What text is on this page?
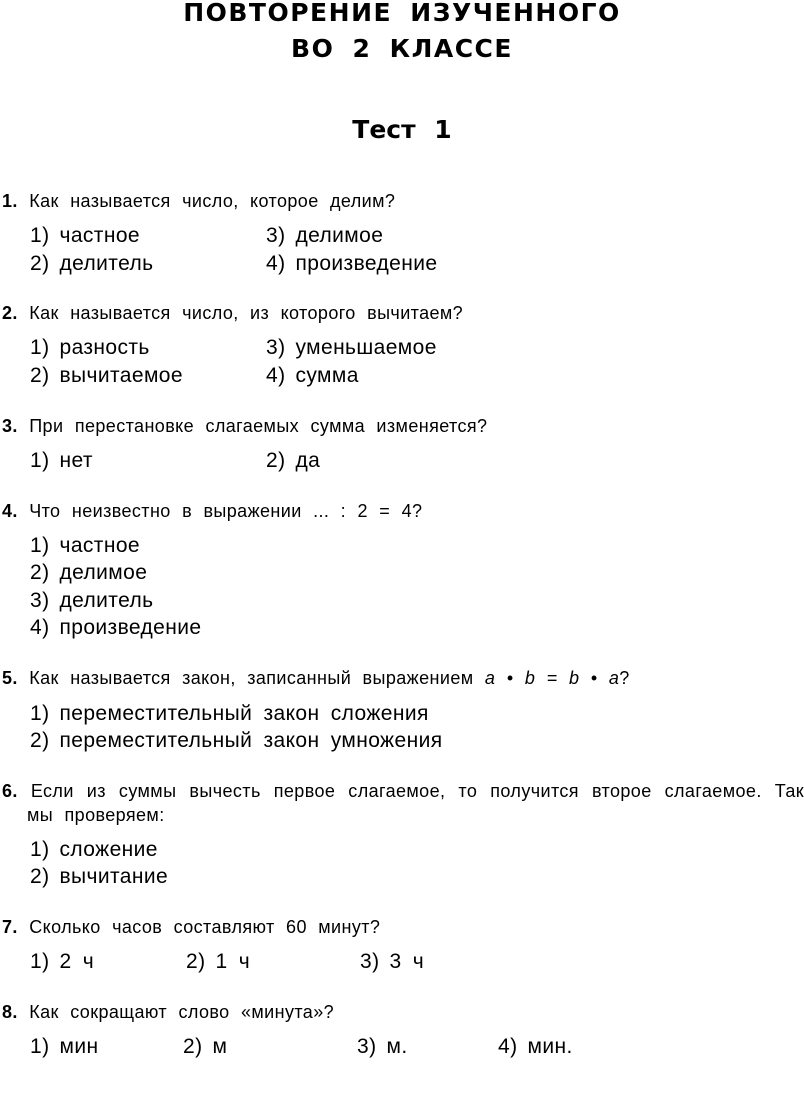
ПОВТОРЕНИЕ ИЗУЧЕННОГО
ВО 2 КЛАССЕ
Тест 1
1. Как называется число, которое делим?
1) частное	3) делимое
2) делитель	4) произведение
2. Как называется число, из которого вычитаем?
1) разность	3) уменьшаемое
2) вычитаемое	4) сумма
3. При перестановке слагаемых сумма изменяется?
1) нет	2) да
4. Что неизвестно в выражении ... : 2 = 4?
1) частное
2) делимое
3) делитель
4) произведение
5. Как называется закон, записанный выражением a • b = b • a?
1) переместительный закон сложения
2) переместительный закон умножения
6. Если из суммы вычесть первое слагаемое, то получится второе слагаемое. Так мы проверяем:
1) сложение
2) вычитание
7. Сколько часов составляют 60 минут?
1) 2 ч	2) 1 ч	3) 3 ч
8. Как сокращают слово «минута»?
1) мин	2) м	3) м.	4) мин.
